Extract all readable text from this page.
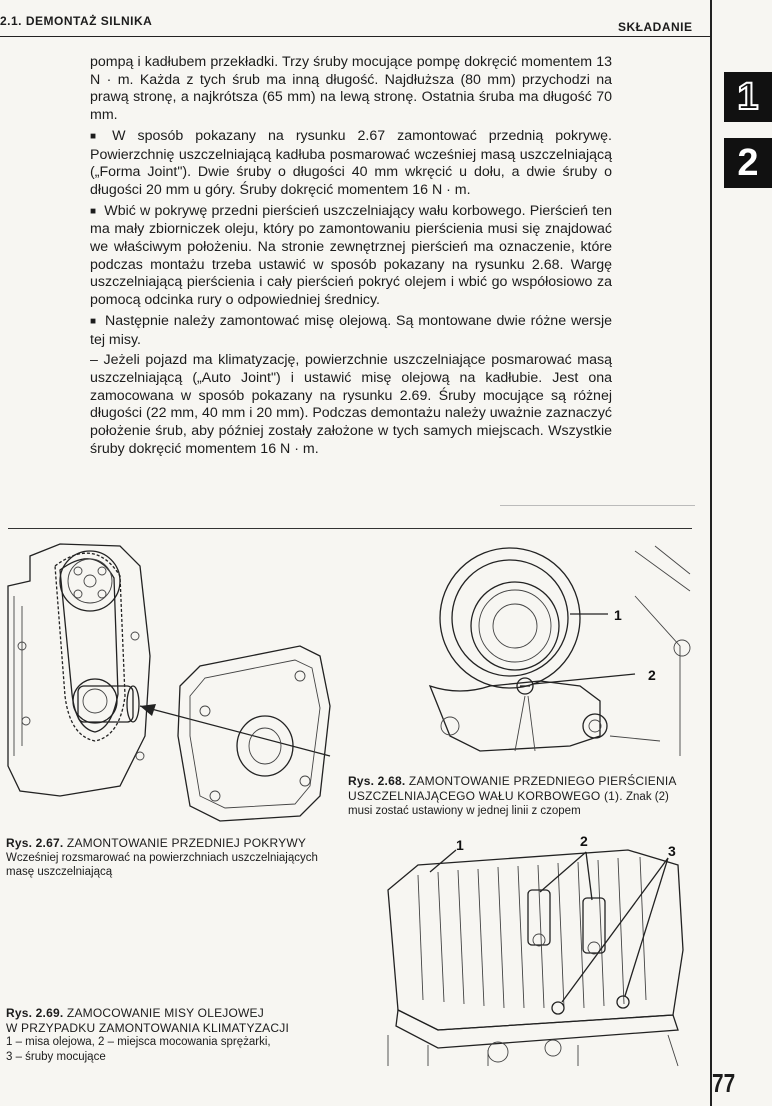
2.1. DEMONTAŻ SILNIKA	SKŁADANIE
1
2

pompą i kadłubem przekładki. Trzy śruby mocujące pompę dokręcić momentem 13 N · m. Każda z tych śrub ma inną długość. Najdłuższa (80 mm) przychodzi na prawą stronę, a najkrótsza (65 mm) na lewą stronę. Ostatnia śruba ma długość 70 mm.

■ W sposób pokazany na rysunku 2.67 zamontować przednią pokrywę. Powierzchnię uszczelniającą kadłuba posmarować wcześniej masą uszczelniającą („Forma Joint"). Dwie śruby o długości 40 mm wkręcić u dołu, a dwie śruby o długości 20 mm u góry. Śruby dokręcić momentem 16 N · m.

■ Wbić w pokrywę przedni pierścień uszczelniający wału korbowego. Pierścień ten ma mały zbiorniczek oleju, który po zamontowaniu pierścienia musi się znajdować we właściwym położeniu. Na stronie zewnętrznej pierścień ma oznaczenie, które podczas montażu trzeba ustawić w sposób pokazany na rysunku 2.68. Wargę uszczelniającą pierścienia i cały pierścień pokryć olejem i wbić go współosiowo za pomocą odcinka rury o odpowiedniej średnicy.

■ Następnie należy zamontować misę olejową. Są montowane dwie różne wersje tej misy.

– Jeżeli pojazd ma klimatyzację, powierzchnie uszczelniające posmarować masą uszczelniającą („Auto Joint") i ustawić misę olejową na kadłubie. Jest ona zamocowana w sposób pokazany na rysunku 2.69. Śruby mocujące są różnej długości (22 mm, 40 mm i 20 mm). Podczas demontażu należy uważnie zaznaczyć położenie śrub, aby później zostały założone w tych samych miejscach. Wszystkie śruby dokręcić momentem 16 N · m.

Rys. 2.67. ZAMONTOWANIE PRZEDNIEJ POKRYWY
Wcześniej rozsmarować na powierzchniach uszczelniających masę uszczelniającą
1
2
Rys. 2.68. ZAMONTOWANIE PRZEDNIEGO PIERŚCIENIA
USZCZELNIAJĄCEGO WAŁU KORBOWEGO (1). Znak (2)
musi zostać ustawiony w jednej linii z czopem
1	2
3
Rys. 2.69. ZAMOCOWANIE MISY OLEJOWEJ
W PRZYPADKU ZAMONTOWANIA KLIMATYZACJI
1 – misa olejowa, 2 – miejsca mocowania sprężarki,
3 – śruby mocujące
77
